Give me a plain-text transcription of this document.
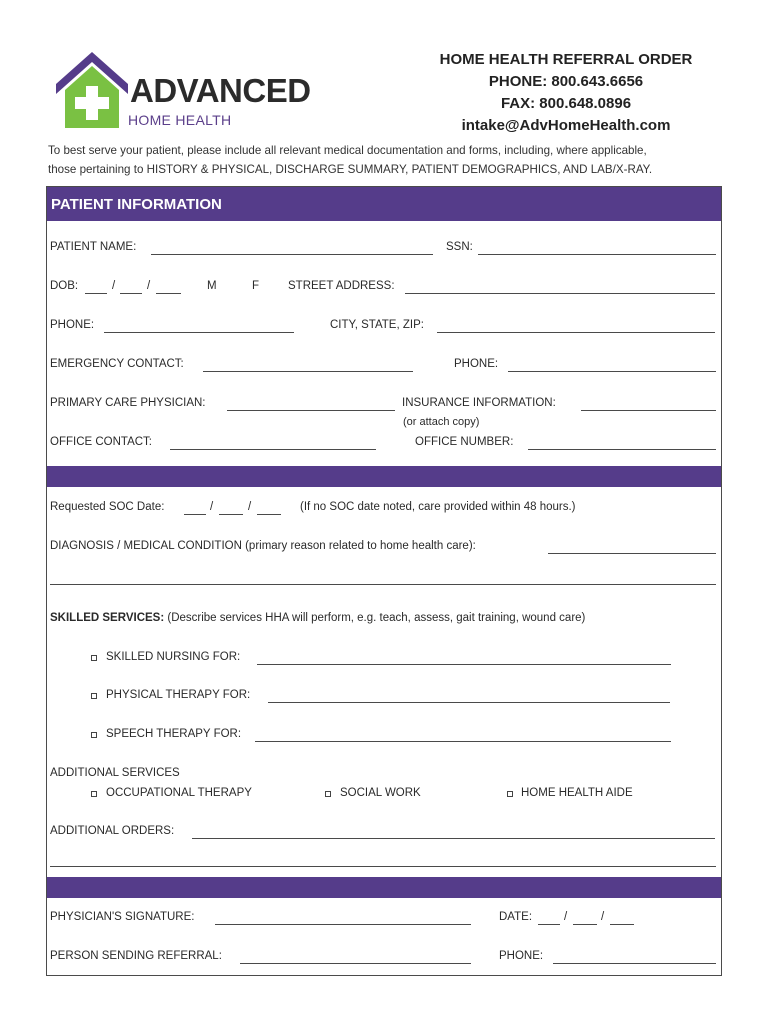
ADVANCED
HOME HEALTH
HOME HEALTH REFERRAL ORDER
PHONE: 800.643.6656
FAX: 800.648.0896
intake@AdvHomeHealth.com
To best serve your patient, please include all relevant medical documentation and forms, including, where applicable,
those pertaining to HISTORY & PHYSICAL, DISCHARGE SUMMARY, PATIENT DEMOGRAPHICS, AND LAB/X-RAY.
PATIENT INFORMATION
PATIENT NAME:	SSN:
DOB:	/	/	M	F	STREET ADDRESS:
PHONE:	CITY, STATE, ZIP:
EMERGENCY CONTACT:	PHONE:
PRIMARY CARE PHYSICIAN:	INSURANCE INFORMATION:
(or attach copy)
OFFICE CONTACT:	OFFICE NUMBER:
Requested SOC Date:	/	/	(If no SOC date noted, care provided within 48 hours.)
DIAGNOSIS / MEDICAL CONDITION (primary reason related to home health care):
SKILLED SERVICES: (Describe services HHA will perform, e.g. teach, assess, gait training, wound care)
SKILLED NURSING FOR:
PHYSICAL THERAPY FOR:
SPEECH THERAPY FOR:
ADDITIONAL SERVICES
OCCUPATIONAL THERAPY	SOCIAL WORK	HOME HEALTH AIDE
ADDITIONAL ORDERS:
PHYSICIAN'S SIGNATURE:	DATE:	/	/
PERSON SENDING REFERRAL:	PHONE:
